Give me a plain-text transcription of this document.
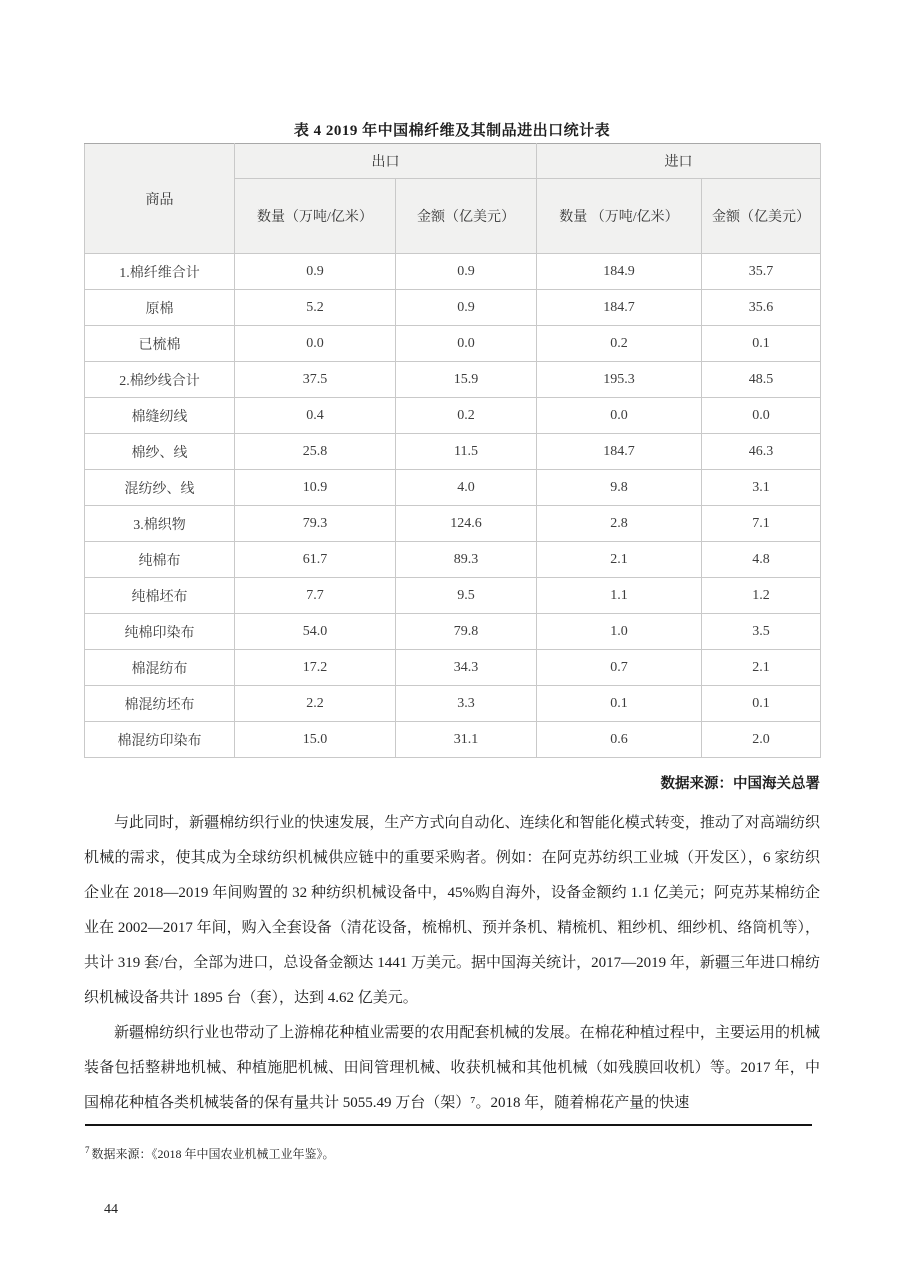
表 4 2019 年中国棉纤维及其制品进出口统计表
商品	出口		进口	
	数量（万吨/亿米）	金额（亿美元）	数量 （万吨/亿米）	金额（亿美元）
1.棉纤维合计	0.9	0.9	184.9	35.7
原棉	5.2	0.9	184.7	35.6
已梳棉	0.0	0.0	0.2	0.1
2.棉纱线合计	37.5	15.9	195.3	48.5
棉缝纫线	0.4	0.2	0.0	0.0
棉纱、线	25.8	11.5	184.7	46.3
混纺纱、线	10.9	4.0	9.8	3.1
3.棉织物	79.3	124.6	2.8	7.1
纯棉布	61.7	89.3	2.1	4.8
纯棉坯布	7.7	9.5	1.1	1.2
纯棉印染布	54.0	79.8	1.0	3.5
棉混纺布	17.2	34.3	0.7	2.1
棉混纺坯布	2.2	3.3	0.1	0.1
棉混纺印染布	15.0	31.1	0.6	2.0
数据来源：中国海关总署

与此同时，新疆棉纺织行业的快速发展，生产方式向自动化、连续化和智能化模式转变，推动了对高端纺织机械的需求，使其成为全球纺织机械供应链中的重要采购者。例如：在阿克苏纺织工业城（开发区），6 家纺织企业在 2018—2019 年间购置的 32 种纺织机械设备中，45%购自海外，设备金额约 1.1 亿美元；阿克苏某棉纺企业在 2002—2017 年间，购入全套设备（清花设备，梳棉机、预并条机、精梳机、粗纱机、细纱机、络筒机等），共计 319 套/台，全部为进口，总设备金额达 1441 万美元。据中国海关统计，2017—2019 年，新疆三年进口棉纺织机械设备共计 1895 台（套），达到 4.62 亿美元。

新疆棉纺织行业也带动了上游棉花种植业需要的农用配套机械的发展。在棉花种植过程中，主要运用的机械装备包括整耕地机械、种植施肥机械、田间管理机械、收获机械和其他机械（如残膜回收机）等。2017 年，中国棉花种植各类机械装备的保有量共计 5055.49 万台（架）⁷。2018 年，随着棉花产量的快速

$^7$ 数据来源：《2018 年中国农业机械工业年鉴》。
44
